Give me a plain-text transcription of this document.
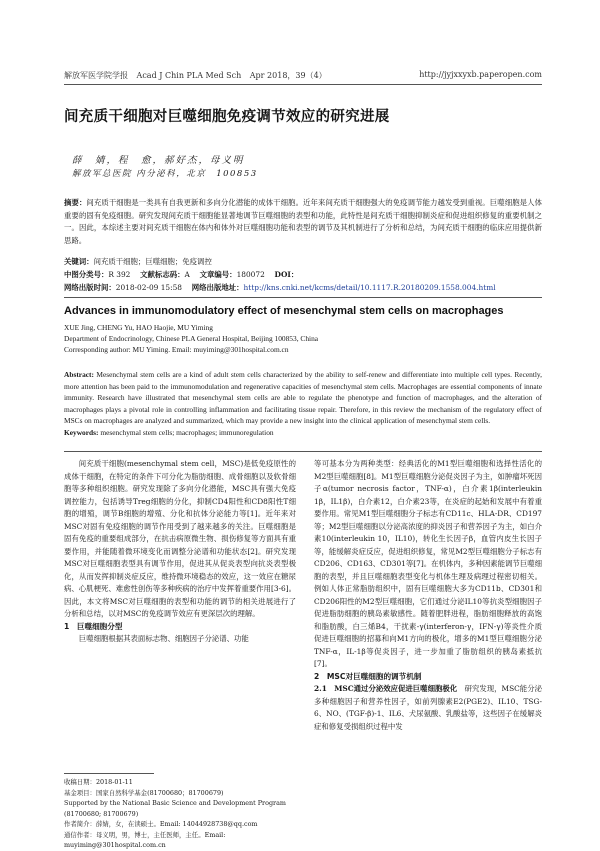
解放军医学院学报 Acad J Chin PLA Med Sch Apr 2018，39（4）	http://jyjxxyxb.paperopen.com
间充质干细胞对巨噬细胞免疫调节效应的研究进展
薛　婧，程　愈，郝好杰，母义明
解放军总医院 内分泌科，北京　100853
摘要：间充质干细胞是一类具有自我更新和多向分化潜能的成体干细胞。近年来间充质干细胞强大的免疫调节能力越发受到重视。巨噬细胞是人体重要的固有免疫细胞。研究发现间充质干细胞能显著地调节巨噬细胞的表型和功能，此特性是间充质干细胞抑制炎症和促进组织修复的重要机制之一。因此，本综述主要对间充质干细胞在体内和体外对巨噬细胞功能和表型的调节及其机制进行了分析和总结，为间充质干细胞的临床应用提供新思路。
关键词：间充质干细胞；巨噬细胞；免疫调控
中图分类号：R 392　 文献标志码：A　 文章编号：180072　 DOI：
网络出版时间：2018-02-09 15:58　 网络出版地址：http://kns.cnki.net/kcms/detail/10.1117.R.20180209.1558.004.html
Advances in immunomodulatory effect of mesenchymal stem cells on macrophages
XUE Jing, CHENG Yu, HAO Haojie, MU Yiming
Department of Endocrinology, Chinese PLA General Hospital, Beijing 100853, China
Corresponding author: MU Yiming. Email: muyiming@301hospital.com.cn
Abstract: Mesenchymal stem cells are a kind of adult stem cells characterized by the ability to self-renew and differentiate into multiple cell types. Recently, more attention has been paid to the immunomodulation and regenerative capacities of mesenchymal stem cells. Macrophages are essential components of innate immunity. Research have illustrated that mesenchymal stem cells are able to regulate the phenotype and function of macrophages, and the alteration of macrophages plays a pivotal role in controlling inflammation and facilitating tissue repair. Therefore, in this review the mechanism of the regulatory effect of MSCs on macrophages are analyzed and summarized, which may provide a new insight into the clinical application of mesenchymal stem cells.
Keywords: mesenchymal stem cells; macrophages; immunoregulation

间充质干细胞(mesenchymal stem cell，MSC)是低免疫原性的成体干细胞，在特定的条件下可分化为脂肪细胞、成骨细胞以及软骨细胞等多种组织细胞。研究发现除了多向分化潜能，MSC具有强大免疫调控能力，包括诱导Treg细胞的分化，抑制CD4阳性和CD8阳性T细胞的增殖，调节B细胞的增殖、分化和抗体分泌能力等[1]。近年来对MSC对固有免疫细胞的调节作用受到了越来越多的关注。巨噬细胞是固有免疫的重要组成部分，在抗击病原微生物、损伤修复等方面具有重要作用，并能随着微环境变化而调整分泌谱和功能状态[2]。研究发现MSC对巨噬细胞表型具有调节作用，促进其从促炎表型向抗炎表型极化，从而发挥抑制炎症反应，维持微环境稳态的效应，这一效应在糖尿病、心肌梗死、难愈性创伤等多种疾病的治疗中发挥着重要作用[3-6]。因此，本文将MSC对巨噬细胞的表型和功能的调节的相关进展进行了分析和总结，以对MSC的免疫调节效应有更深层次的理解。

1　巨噬细胞分型

巨噬细胞根据其表面标志物、细胞因子分泌谱、功能

等可基本分为两种类型：经典活化的M1型巨噬细胞和选择性活化的M2型巨噬细胞[8]。M1型巨噬细胞分泌促炎因子为主，如肿瘤坏死因子α(tumor necrosis factor，TNF-α)，白介素1β(interleukin 1β，IL1β)，白介素12，白介素23等，在炎症的起始和发展中有着重要作用。常见M1型巨噬细胞分子标志有CD11c、HLA-DR、CD197等；M2型巨噬细胞以分泌高浓度的抑炎因子和营养因子为主，如白介素10(interleukin 10，IL10)，转化生长因子β，血管内皮生长因子等，能缓解炎症反应，促进组织修复，常见M2型巨噬细胞分子标志有CD206、CD163、CD301等[7]。在机体内，多种因素能调节巨噬细胞的表型，并且巨噬细胞表型变化与机体生理及病理过程密切相关。例如人体正常脂肪组织中，固有巨噬细胞大多为CD11b、CD301和CD206阳性的M2型巨噬细胞，它们通过分泌IL10等抗炎型细胞因子促进脂肪细胞的胰岛素敏感性。随着肥胖进程，脂肪细胞释放的高饱和脂肪酸，白三烯B4，干扰素-γ(interferon-γ，IFN-γ)等炎性介质促进巨噬细胞的招募和向M1方向的极化，增多的M1型巨噬细胞分泌TNF-α，IL-1β等促炎因子，进一步加重了脂肪组织的胰岛素抵抗[7]。

2　MSC对巨噬细胞的调节机制

2.1　MSC通过分泌效应促进巨噬细胞极化　 研究发现，MSC能分泌多种细胞因子和营养性因子，如前列腺素E2(PGE2)、IL10、TSG-6、NO、(TGF-β)-1、IL6、犬尿氨酸、乳酸盐等，这些因子在缓解炎症和修复受损组织过程中发

收稿日期：2018-01-11

基金项目：国家自然科学基金(81700680；81700679)

Supported by the National Basic Science and Development Program (81700680; 81700679)

作者简介：薛婧，女，在读硕士。Email: 14044928738@qq.com

通信作者：母义明，男，博士，主任医师，主任。Email: muyiming@301hospital.com.cn
